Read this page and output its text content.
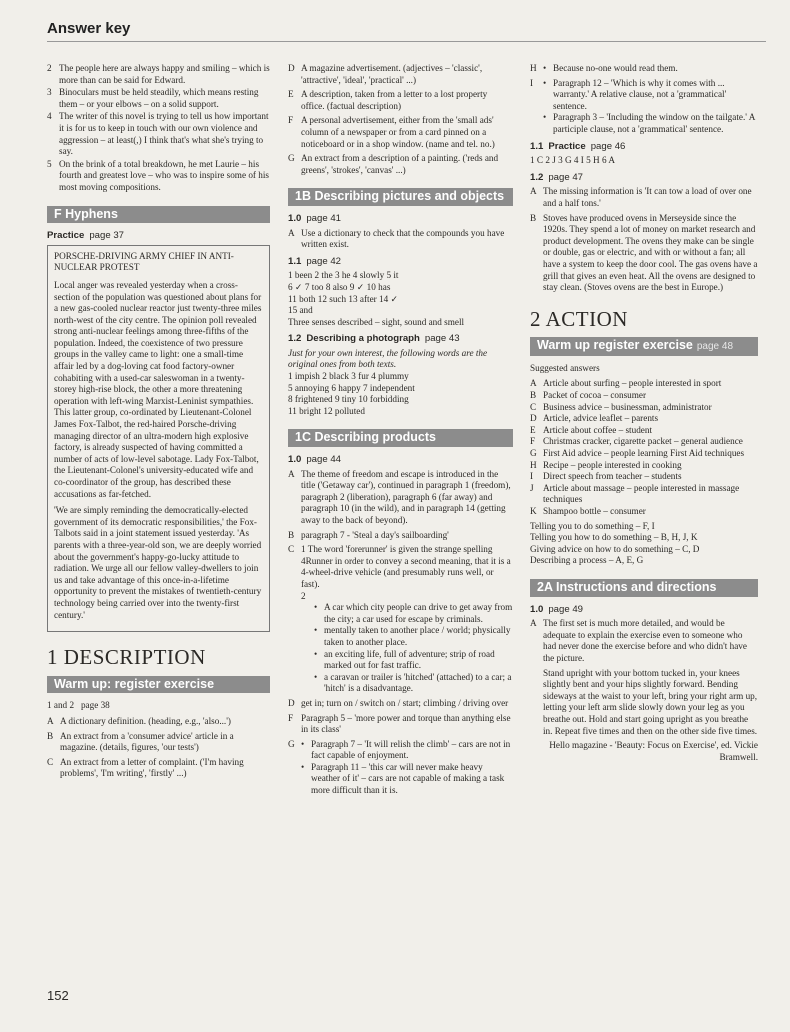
Answer key
2 The people here are always happy and smiling – which is more than can be said for Edward.
3 Binoculars must be held steadily, which means resting them – or your elbows – on a solid support.
4 The writer of this novel is trying to tell us how important it is for us to keep in touch with our own violence and aggression – at least(,) I think that's what she's trying to say.
5 On the brink of a total breakdown, he met Laurie – his fourth and greatest love – who was to inspire some of his most moving compositions.
F Hyphens
Practice page 37

PORSCHE-DRIVING ARMY CHIEF IN ANTI-NUCLEAR PROTEST

Local anger was revealed yesterday when a cross-section of the population was questioned about plans for a new gas-cooled nuclear reactor just twenty-three miles north-west of the city centre. The opinion poll revealed strong anti-nuclear feelings among three-fifths of the population. Indeed, the coexistence of two pressure groups in the valley came to light: one a small-time affair led by a dog-loving cat food factory-owner cohabiting with a used-car saleswoman in a twenty-storey high-rise block, the other a more threatening operation with left-wing Marxist-Leninist sympathies. This latter group, co-ordinated by Lieutenant-Colonel James Fox-Talbot, the red-haired Porsche-driving managing director of an ultra-modern high explosive factory, is already suspected of having committed a number of acts of low-level sabotage. Lady Fox-Talbot, the Lieutenant-Colonel's university-educated wife and co-coordinator of the group, has described these accusations as far-fetched.

'We are simply reminding the democratically-elected government of its democratic responsibilities,' the Fox-Talbots said in a joint statement issued yesterday. 'As parents with a three-year-old son, we are deeply worried about the government's happy-go-lucky attitude to radiation. We urge all our fellow valley-dwellers to join us and take advantage of this once-in-a-lifetime opportunity to prevent the mistakes of twentieth-century technology being carried over into the twenty-first century.'

1 DESCRIPTION
Warm up: register exercise
1 and 2 page 38
A A dictionary definition. (heading, e.g., 'also...')
B An extract from a 'consumer advice' article in a magazine. (details, figures, 'our tests')
C An extract from a letter of complaint. ('I'm having problems', 'I'm writing', 'firstly' ...)
D A magazine advertisement. (adjectives – 'classic', 'attractive', 'ideal', 'practical' ...)
E A description, taken from a letter to a lost property office. (factual description)
F A personal advertisement, either from the 'small ads' column of a newspaper or from a card pinned on a noticeboard or in a shop window. (name and tel. no.)
G An extract from a description of a painting. ('reds and greens', 'strokes', 'canvas' ...)
1B Describing pictures and objects
1.0 page 41
A Use a dictionary to check that the compounds you have written exist.
1.1 page 42
1 been 2 the 3 he 4 slowly 5 it
6 ✓ 7 too 8 also 9 ✓ 10 has
11 both 12 such 13 after 14 ✓
15 and
Three senses described – sight, sound and smell
1.2 Describing a photograph page 43
Just for your own interest, the following words are the original ones from both texts.
1 impish 2 black 3 fur 4 plummy
5 annoying 6 happy 7 independent
8 frightened 9 tiny 10 forbidding
11 bright 12 polluted
1C Describing products
1.0 page 44
A The theme of freedom and escape is introduced in the title ('Getaway car'), continued in paragraph 1 (freedom), paragraph 2 (liberation), paragraph 6 (far away) and paragraph 10 (in the wild), and in paragraph 14 (getting away to the back of beyond).
B paragraph 7 - 'Steal a day's sailboarding'
C 1 The word 'forerunner' is given the strange spelling 4Runner in order to convey a second meaning, that it is a 4-wheel-drive vehicle (and presumably runs well, or fast).
2
• A car which city people can drive to get away from the city; a car used for escape by criminals.
• mentally taken to another place / world; physically taken to another place.
• an exciting life, full of adventure; strip of road marked out for fast traffic.
• a caravan or trailer is 'hitched' (attached) to a car; a 'hitch' is a disadvantage.
D get in; turn on / switch on / start; climbing / driving over
F Paragraph 5 – 'more power and torque than anything else in its class'
G • Paragraph 7 – 'It will relish the climb' – cars are not in fact capable of enjoyment.
• Paragraph 11 – 'this car will never make heavy weather of it' – cars are not capable of making a task more difficult than it is.
H • Because no-one would read them.
I	• Paragraph 12 – 'Which is why it comes with ... warranty.' A relative clause, not a 'grammatical' sentence.
• Paragraph 3 – 'Including the window on the tailgate.' A participle clause, not a 'grammatical' sentence.
1.1 Practice page 46
1 C 2 J 3 G 4 I 5 H 6 A
1.2 page 47
A The missing information is 'It can tow a load of over one and a half tons.'
B Stoves have produced ovens in Merseyside since the 1920s. They spend a lot of money on market research and product development. The ovens they make can be single or double, gas or electric, and with or without a fan; all have a system to keep the door cool. The gas ovens have a grill that gives an even heat. All the ovens are designed to stay clean. (Stoves ovens are the best in Europe.)
2 ACTION
Warm up register exercise page 48
Suggested answers
A Article about surfing – people interested in sport
B Packet of cocoa – consumer
C Business advice – businessman, administrator
D Article, advice leaflet – parents
E Article about coffee – student
F Christmas cracker, cigarette packet – general audience
G First Aid advice – people learning First Aid techniques
H Recipe – people interested in cooking
I	Direct speech from teacher – students
J	Article about massage – people interested in massage techniques
K Shampoo bottle – consumer
Telling you to do something – F, I
Telling you how to do something – B, H, J, K
Giving advice on how to do something – C, D
Describing a process – A, E, G
2A Instructions and directions
1.0 page 49
A The first set is much more detailed, and would be adequate to explain the exercise even to someone who had never done the exercise before and who didn't have the picture.
Stand upright with your bottom tucked in, your knees slightly bent and your hips slightly forward. Bending sideways at the waist to your left, bring your right arm up, letting your left arm slide slowly down your leg as you breathe out. Hold and start going upright as you breathe in. Repeat five times and then on the other side five times.
Hello magazine - 'Beauty: Focus on Exercise', ed. Vickie Bramwell.
152
